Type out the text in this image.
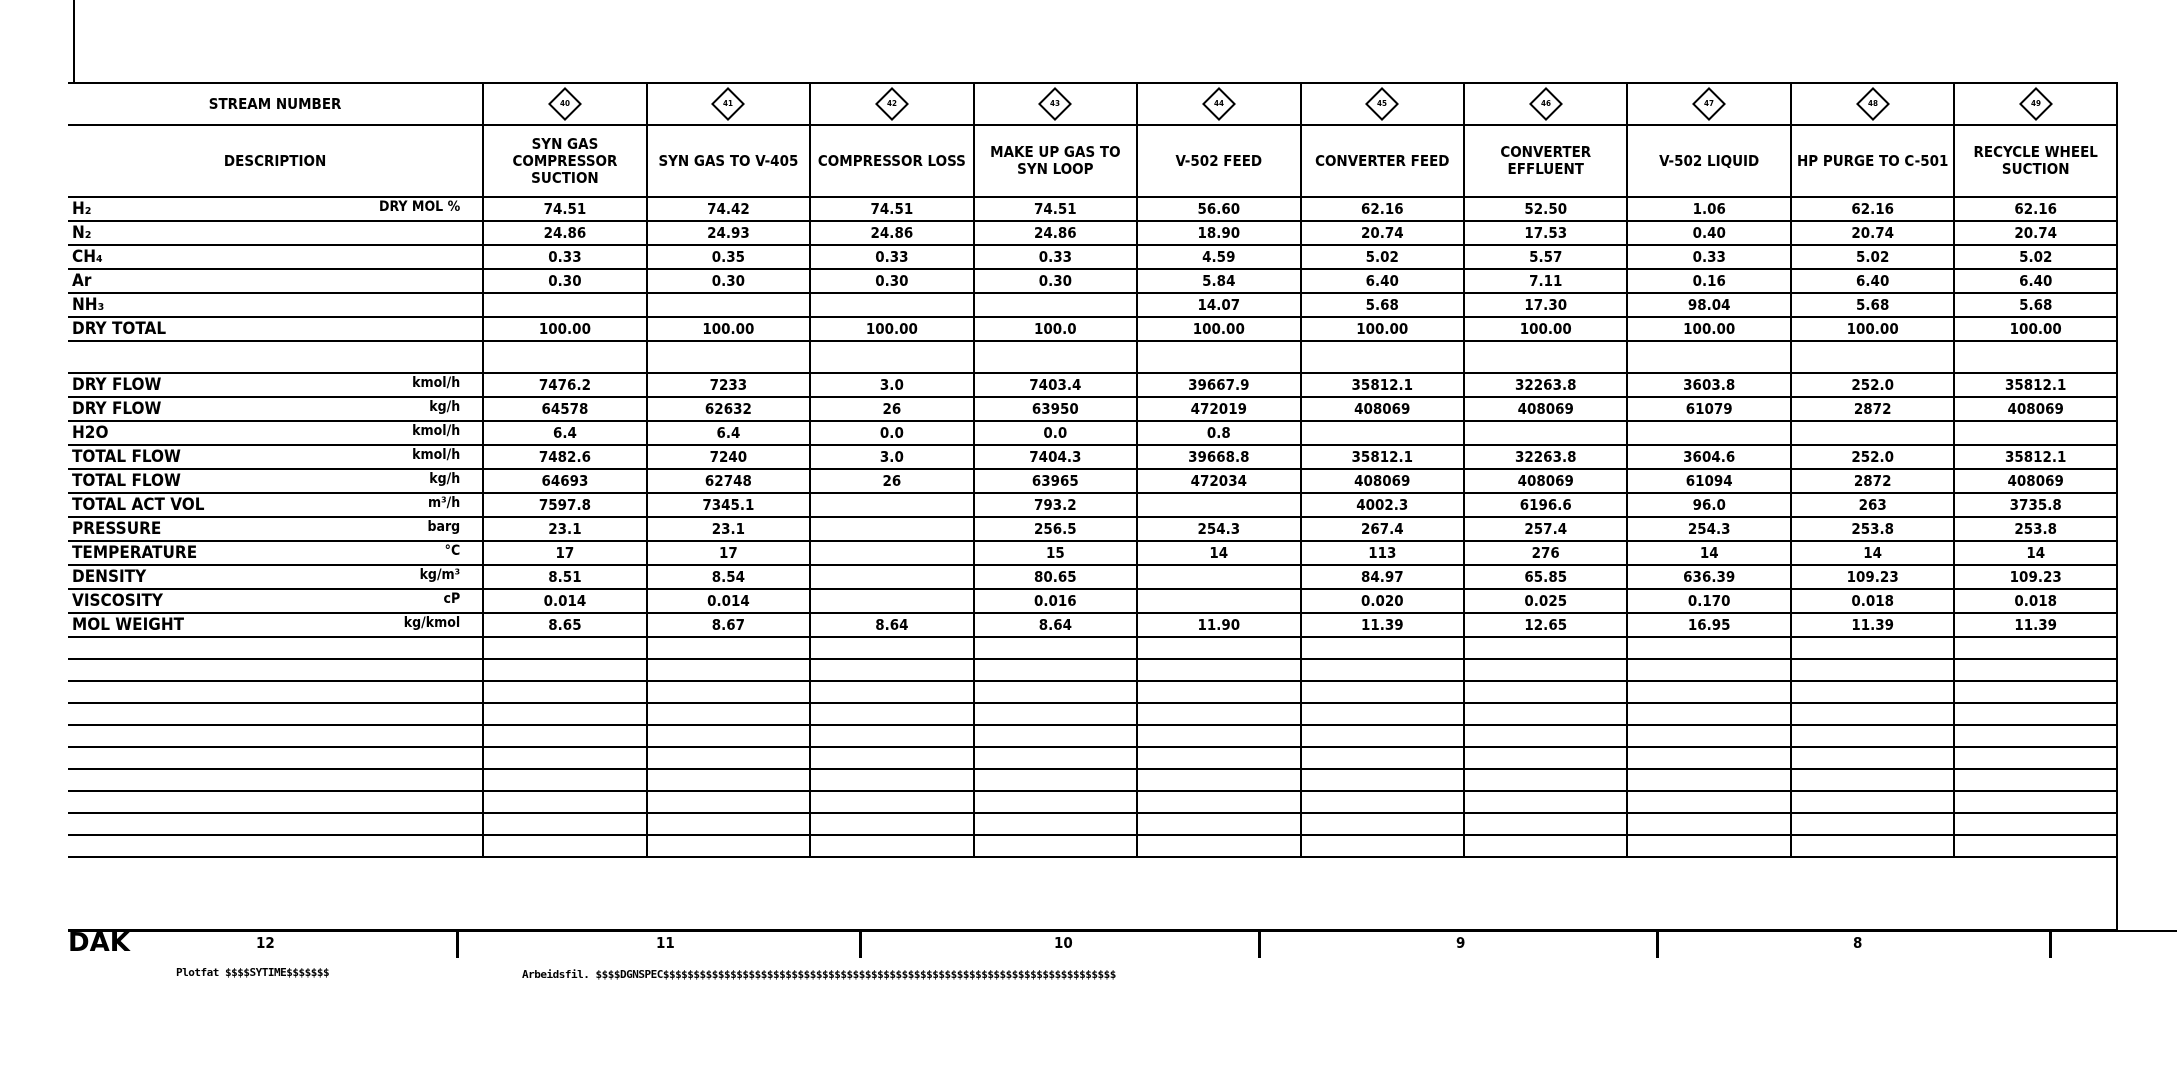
STREAM NUMBER	40	41	42	43	44	45	46	47	48	49

DESCRIPTION	SYN GAS COMPRESSOR SUCTION	SYN GAS TO V-405	COMPRESSOR LOSS	MAKE UP GAS TO SYN LOOP	V-502 FEED	CONVERTER FEED	CONVERTER EFFLUENT	V-502 LIQUID	HP PURGE TO C-501	RECYCLE WHEEL SUCTION
H₂ DRY MOL %	74.51	74.42	74.51	74.51	56.60	62.16	52.50	1.06	62.16	62.16
N₂	24.86	24.93	24.86	24.86	18.90	20.74	17.53	0.40	20.74	20.74
CH₄	0.33	0.35	0.33	0.33	4.59	5.02	5.57	0.33	5.02	5.02
Ar	0.30	0.30	0.30	0.30	5.84	6.40	7.11	0.16	6.40	6.40
NH₃					14.07	5.68	17.30	98.04	5.68	5.68
DRY TOTAL	100.00	100.00	100.00	100.0	100.00	100.00	100.00	100.00	100.00	100.00

DRY FLOW kmol/h	7476.2	7233	3.0	7403.4	39667.9	35812.1	32263.8	3603.8	252.0	35812.1
DRY FLOW kg/h	64578	62632	26	63950	472019	408069	408069	61079	2872	408069
H2O kmol/h	6.4	6.4	0.0	0.0	0.8					
TOTAL FLOW kmol/h	7482.6	7240	3.0	7404.3	39668.8	35812.1	32263.8	3604.6	252.0	35812.1
TOTAL FLOW kg/h	64693	62748	26	63965	472034	408069	408069	61094	2872	408069
TOTAL ACT VOL m³/h	7597.8	7345.1		793.2		4002.3	6196.6	96.0	263	3735.8
PRESSURE barg	23.1	23.1		256.5	254.3	267.4	257.4	254.3	253.8	253.8
TEMPERATURE °C	17	17		15	14	113	276	14	14	14
DENSITY kg/m³	8.51	8.54		80.65		84.97	65.85	636.39	109.23	109.23
VISCOSITY cP	0.014	0.014		0.016		0.020	0.025	0.170	0.018	0.018
MOL WEIGHT kg/kmol	8.65	8.67	8.64	8.64	11.90	11.39	12.65	16.95	11.39	11.39

DAK	12	11	10	9	8
Plotfat $$$$SYTIME$$$$$$$	Arbeidsfil. $$$$DGNSPEC$$$$$$$$$$$$$$$$$$$$$$$$$$$$$$$$$$$$$$$$$$$$$$$$$$$$$$$$$$$$$$$$$$$$$$$$$$
